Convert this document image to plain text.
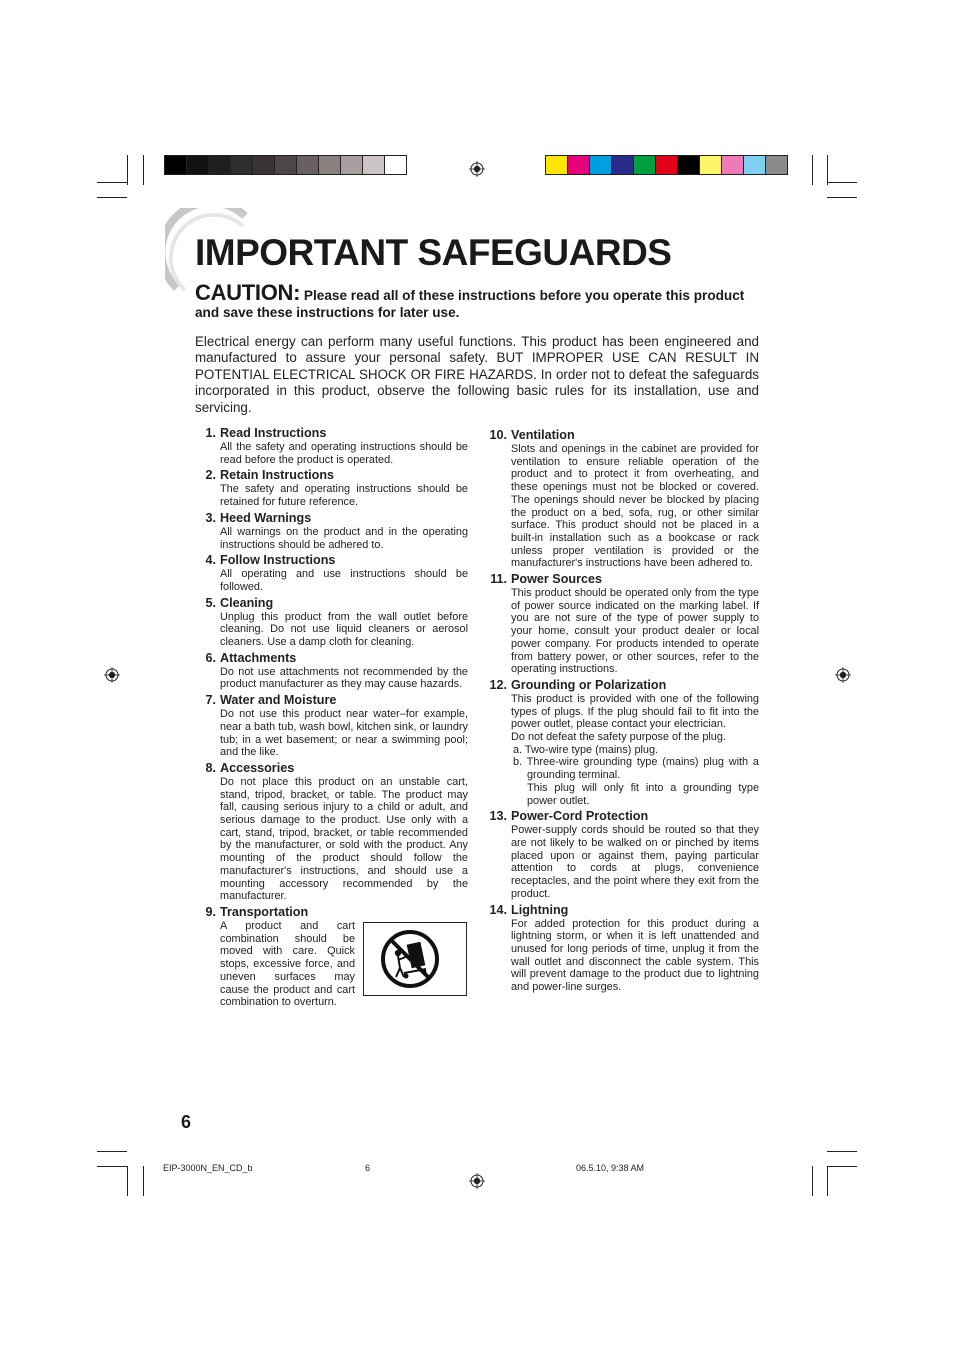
IMPORTANT SAFEGUARDS
CAUTION: Please read all of these instructions before you operate this product and save these instructions for later use.
Electrical energy can perform many useful functions. This product has been engineered and manufactured to assure your personal safety. BUT IMPROPER USE CAN RESULT IN POTENTIAL ELECTRICAL SHOCK OR FIRE HAZARDS. In order not to defeat the safeguards incorporated in this product, observe the following basic rules for its installation, use and servicing.
1. Read Instructions

All the safety and operating instructions should be read before the product is operated.

2. Retain Instructions

The safety and operating instructions should be retained for future reference.

3. Heed Warnings

All warnings on the product and in the operating instructions should be adhered to.

4. Follow Instructions

All operating and use instructions should be followed.

5. Cleaning

Unplug this product from the wall outlet before cleaning. Do not use liquid cleaners or aerosol cleaners. Use a damp cloth for cleaning.

6. Attachments

Do not use attachments not recommended by the product manufacturer as they may cause hazards.

7. Water and Moisture

Do not use this product near water–for example, near a bath tub, wash bowl, kitchen sink, or laundry tub; in a wet basement; or near a swimming pool; and the like.

8. Accessories

Do not place this product on an unstable cart, stand, tripod, bracket, or table. The product may fall, causing serious injury to a child or adult, and serious damage to the product. Use only with a cart, stand, tripod, bracket, or table recommended by the manufacturer, or sold with the product. Any mounting of the product should follow the manufacturer's instructions, and should use a mounting accessory recommended by the manufacturer.

9. Transportation

A product and cart combination should be moved with care. Quick stops, excessive force, and uneven surfaces may cause the product and cart combination to overturn.

10. Ventilation

Slots and openings in the cabinet are provided for ventilation to ensure reliable operation of the product and to protect it from overheating, and these openings must not be blocked or covered. The openings should never be blocked by placing the product on a bed, sofa, rug, or other similar surface. This product should not be placed in a built-in installation such as a bookcase or rack unless proper ventilation is provided or the manufacturer's instructions have been adhered to.

11. Power Sources

This product should be operated only from the type of power source indicated on the marking label. If you are not sure of the type of power supply to your home, consult your product dealer or local power company. For products intended to operate from battery power, or other sources, refer to the operating instructions.

12. Grounding or Polarization

This product is provided with one of the following types of plugs. If the plug should fail to fit into the power outlet, please contact your electrician.

Do not defeat the safety purpose of the plug.

a. Two-wire type (mains) plug.

b. Three-wire grounding type (mains) plug with a grounding terminal.

This plug will only fit into a grounding type power outlet.

13. Power-Cord Protection

Power-supply cords should be routed so that they are not likely to be walked on or pinched by items placed upon or against them, paying particular attention to cords at plugs, convenience receptacles, and the point where they exit from the product.

14. Lightning

For added protection for this product during a lightning storm, or when it is left unattended and unused for long periods of time, unplug it from the wall outlet and disconnect the cable system. This will prevent damage to the product due to lightning and power-line surges.

6
EIP-3000N_EN_CD_b	6	06.5.10, 9:38 AM
